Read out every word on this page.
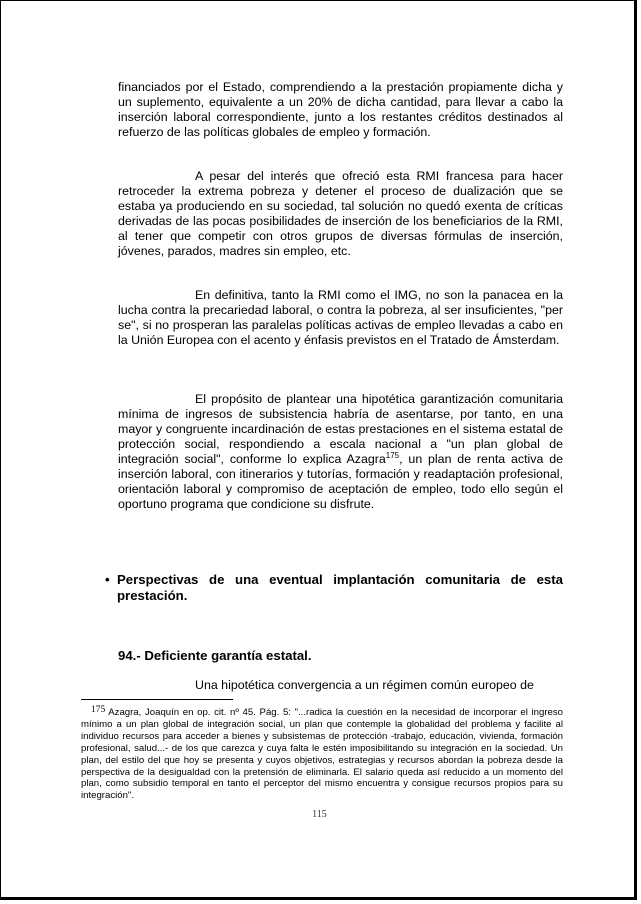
financiados por el Estado, comprendiendo a la prestación propiamente dicha y un suplemento, equivalente a un 20% de dicha cantidad, para llevar a cabo la inserción laboral correspondiente, junto a los restantes créditos destinados al refuerzo de las políticas globales de empleo y formación.

A pesar del interés que ofreció esta RMI francesa para hacer retroceder la extrema pobreza y detener el proceso de dualización que se estaba ya produciendo en su sociedad, tal solución no quedó exenta de críticas derivadas de las pocas posibilidades de inserción de los beneficiarios de la RMI, al tener que competir con otros grupos de diversas fórmulas de inserción, jóvenes, parados, madres sin empleo, etc.

En definitiva, tanto la RMI como el IMG, no son la panacea en la lucha contra la precariedad laboral, o contra la pobreza, al ser insuficientes, "per se", si no prosperan las paralelas políticas activas de empleo llevadas a cabo en la Unión Europea con el acento y énfasis previstos en el Tratado de Ámsterdam.

El propósito de plantear una hipotética garantización comunitaria mínima de ingresos de subsistencia habría de asentarse, por tanto, en una mayor y congruente incardinación de estas prestaciones en el sistema estatal de protección social, respondiendo a escala nacional a "un plan global de integración social", conforme lo explica Azagra$^{175}$, un plan de renta activa de inserción laboral, con itinerarios y tutorías, formación y readaptación profesional, orientación laboral y compromiso de aceptación de empleo, todo ello según el oportuno programa que condicione su disfrute.

• Perspectivas de una eventual implantación comunitaria de esta prestación.

94.- Deficiente garantía estatal.

Una hipotética convergencia a un régimen común europeo de

175 Azagra, Joaquín en op. cit. nº 45. Pág. 5: "...radica la cuestión en la necesidad de incorporar el ingreso mínimo a un plan global de integración social, un plan que contemple la globalidad del problema y facilite al individuo recursos para acceder a bienes y subsistemas de protección -trabajo, educación, vivienda, formación profesional, salud...- de los que carezca y cuya falta le estén imposibilitando su integración en la sociedad. Un plan, del estilo del que hoy se presenta y cuyos objetivos, estrategias y recursos abordan la pobreza desde la perspectiva de la desigualdad con la pretensión de eliminarla. El salario queda así reducido a un momento del plan, como subsidio temporal en tanto el perceptor del mismo encuentra y consigue recursos propios para su integración".

115
